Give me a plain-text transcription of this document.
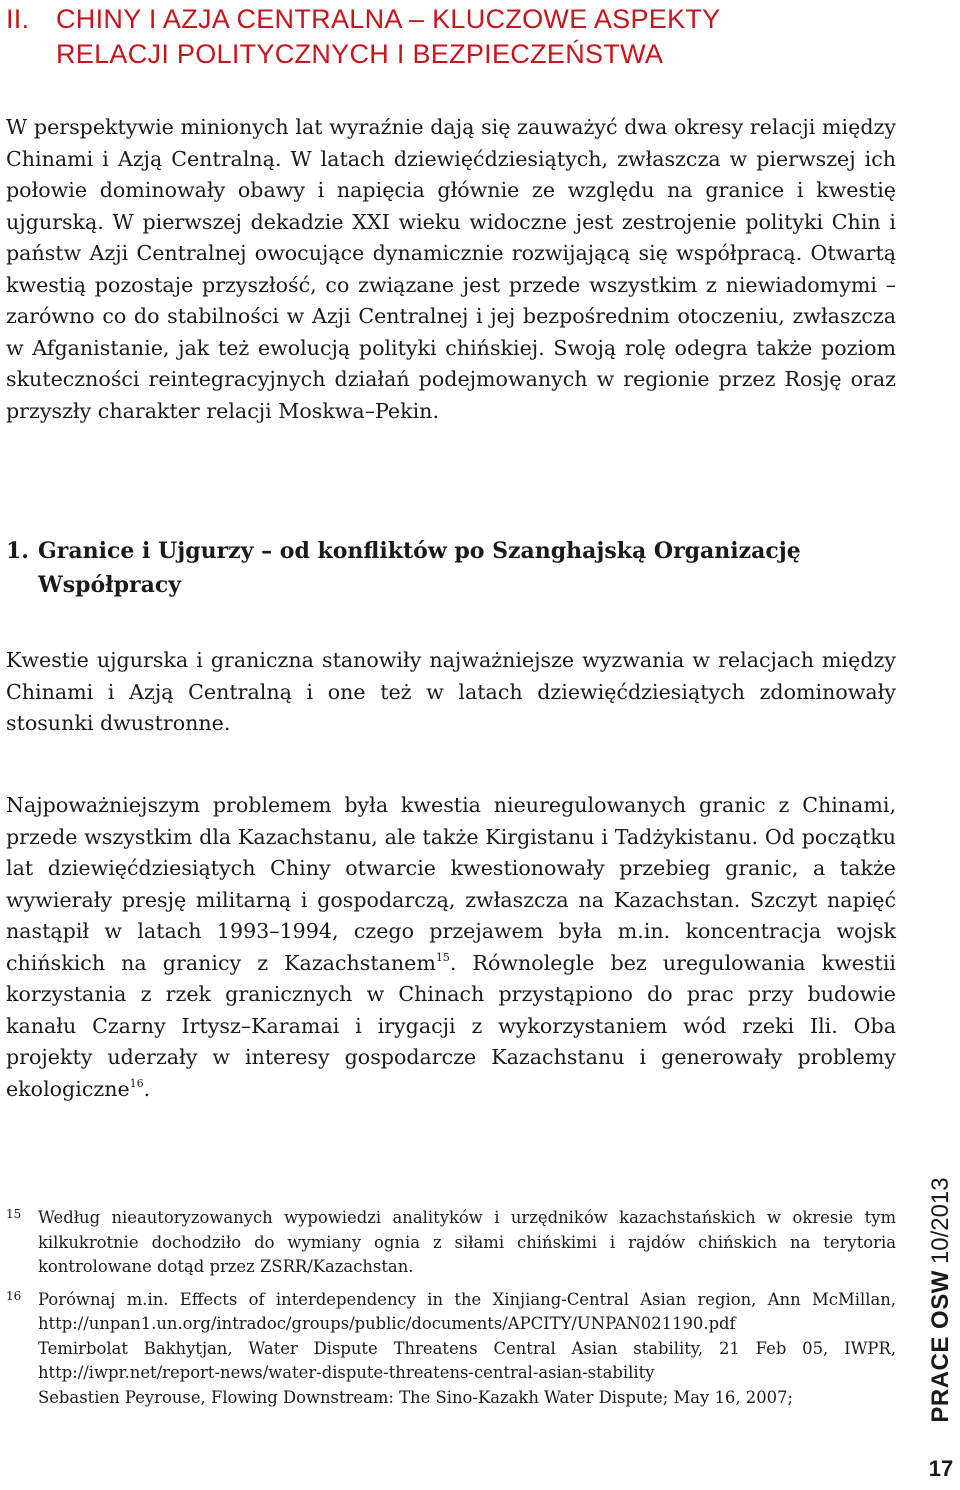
II. CHINY I AZJA CENTRALNA – KLUCZOWE ASPEKTY
RELACJI POLITYCZNYCH I BEZPIECZEŃSTWA

W perspektywie minionych lat wyraźnie dają się zauważyć dwa okresy relacji między Chinami i Azją Centralną. W latach dziewięćdziesiątych, zwłaszcza w pierwszej ich połowie dominowały obawy i napięcia głównie ze względu na granice i kwestię ujgurską. W pierwszej dekadzie XXI wieku widoczne jest zestrojenie polityki Chin i państw Azji Centralnej owocujące dynamicznie rozwijającą się współpracą. Otwartą kwestią pozostaje przyszłość, co związane jest przede wszystkim z niewiadomymi – zarówno co do stabilności w Azji Centralnej i jej bezpośrednim otoczeniu, zwłaszcza w Afganistanie, jak też ewolucją polityki chińskiej. Swoją rolę odegra także poziom skuteczności reintegracyjnych działań podejmowanych w regionie przez Rosję oraz przyszły charakter relacji Moskwa–Pekin.

1. Granice i Ujgurzy – od konfliktów po Szanghajską Organizację
Współpracy

Kwestie ujgurska i graniczna stanowiły najważniejsze wyzwania w relacjach między Chinami i Azją Centralną i one też w latach dziewięćdziesiątych zdominowały stosunki dwustronne.

Najpoważniejszym problemem była kwestia nieuregulowanych granic z Chinami, przede wszystkim dla Kazachstanu, ale także Kirgistanu i Tadżykistanu. Od początku lat dziewięćdziesiątych Chiny otwarcie kwestionowały przebieg granic, a także wywierały presję militarną i gospodarczą, zwłaszcza na Kazachstan. Szczyt napięć nastąpił w latach 1993–1994, czego przejawem była m.in. koncentracja wojsk chińskich na granicy z Kazachstanem$^{15}$. Równolegle bez uregulowania kwestii korzystania z rzek granicznych w Chinach przystąpiono do prac przy budowie kanału Czarny Irtysz–Karamai i irygacji z wykorzystaniem wód rzeki Ili. Oba projekty uderzały w interesy gospodarcze Kazachstanu i generowały problemy ekologiczne$^{16}$.

15	Według nieautoryzowanych wypowiedzi analityków i urzędników kazachstańskich w okresie tym kilkukrotnie dochodziło do wymiany ognia z siłami chińskimi i rajdów chińskich na terytoria kontrolowane dotąd przez ZSRR/Kazachstan.
16	Porównaj m.in. Effects of interdependency in the Xinjiang-Central Asian region, Ann McMillan, http://unpan1.un.org/intradoc/groups/public/documents/APCITY/UNPAN021190.pdf
Temirbolat Bakhytjan, Water Dispute Threatens Central Asian stability, 21 Feb 05, IWPR, http://iwpr.net/report-news/water-dispute-threatens-central-asian-stability
Sebastien Peyrouse, Flowing Downstream: The Sino-Kazakh Water Dispute; May 16, 2007;	PRACE OSW10/2013
17
